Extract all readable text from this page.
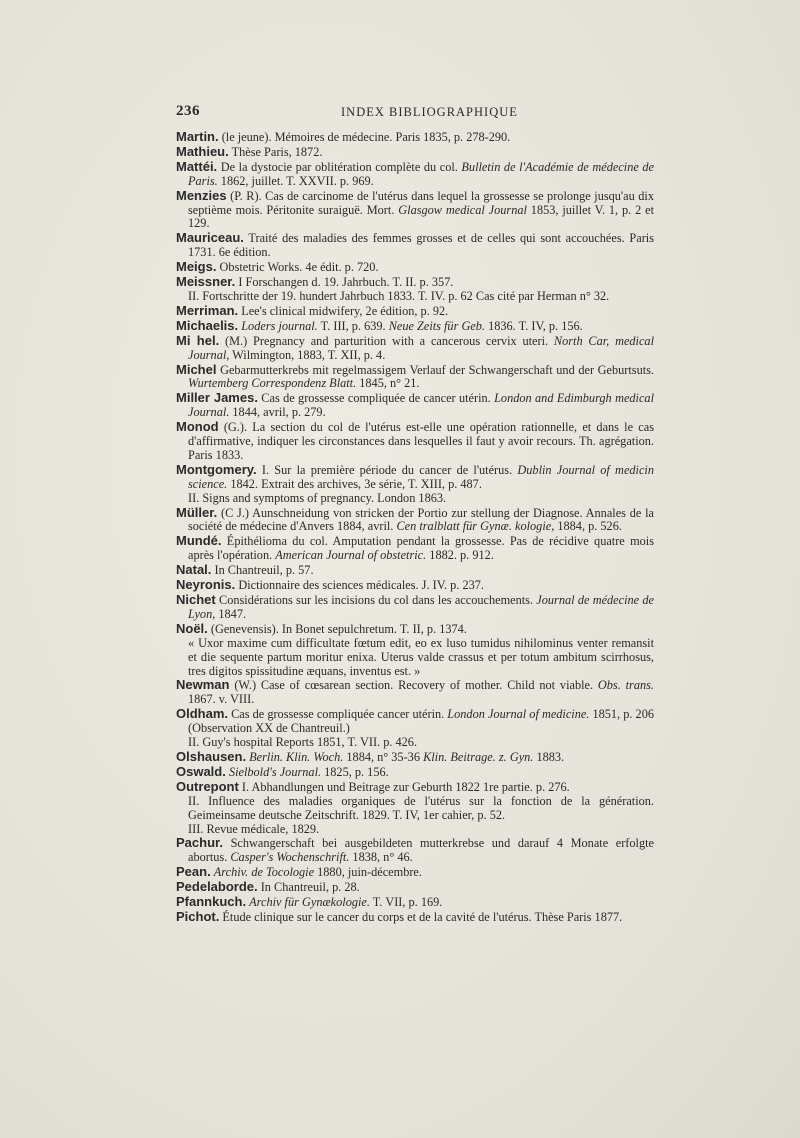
236	INDEX BIBLIOGRAPHIQUE

Martin. (le jeune). Mémoires de médecine. Paris 1835, p. 278-290.

Mathieu. Thèse Paris, 1872.

Mattéi. De la dystocie par oblitération complète du col. Bulletin de l'Académie de médecine de Paris. 1862, juillet. T. XXVII. p. 969.

Menzies (P. R). Cas de carcinome de l'utérus dans lequel la grossesse se prolonge jusqu'au dix septième mois. Péritonite suraiguë. Mort. Glasgow medical Journal 1853, juillet V. 1, p. 2 et 129.

Mauriceau. Traité des maladies des femmes grosses et de celles qui sont accouchées. Paris 1731. 6e édition.

Meigs. Obstetric Works. 4e édit. p. 720.

Meissner. I Forschangen d. 19. Jahrbuch. T. II. p. 357.

II. Fortschritte der 19. hundert Jahrbuch 1833. T. IV. p. 62 Cas cité par Herman n° 32.

Merriman. Lee's clinical midwifery, 2e édition, p. 92.

Michaelis. Loders journal. T. III, p. 639. Neue Zeits für Geb. 1836. T. IV, p. 156.

Mi hel. (M.) Pregnancy and parturition with a cancerous cervix uteri. North Car, medical Journal, Wilmington, 1883, T. XII, p. 4.

Michel Gebarmutterkrebs mit regelmassigem Verlauf der Schwangerschaft und der Geburtsuts. Wurtemberg Correspondenz Blatt. 1845, n° 21.

Miller James. Cas de grossesse compliquée de cancer utérin. London and Edimburgh medical Journal. 1844, avril, p. 279.

Monod (G.). La section du col de l'utérus est-elle une opération rationnelle, et dans le cas d'affirmative, indiquer les circonstances dans lesquelles il faut y avoir recours. Th. agrégation. Paris 1833.

Montgomery. I. Sur la première période du cancer de l'utérus. Dublin Journal of medicin science. 1842. Extrait des archives, 3e série, T. XIII, p. 487.

II. Signs and symptoms of pregnancy. London 1863.

Müller. (C J.) Aunschneidung von stricken der Portio zur stellung der Diagnose. Annales de la société de médecine d'Anvers 1884, avril. Cen tralblatt für Gynæ. kologie, 1884, p. 526.

Mundé. Épithélioma du col. Amputation pendant la grossesse. Pas de récidive quatre mois après l'opération. American Journal of obstetric. 1882. p. 912.

Natal. In Chantreuil, p. 57.

Neyronis. Dictionnaire des sciences médicales. J. IV. p. 237.

Nichet Considérations sur les incisions du col dans les accouchements. Journal de médecine de Lyon, 1847.

Noël. (Genevensis). In Bonet sepulchretum. T. II, p. 1374.

« Uxor maxime cum difficultate fœtum edit, eo ex luso tumidus nihilominus venter remansit et die sequente partum moritur enixa. Uterus valde crassus et per totum ambitum scirrhosus, tres digitos spissitudine æquans, inventus est. »

Newman (W.) Case of cœsarean section. Recovery of mother. Child not viable. Obs. trans. 1867. v. VIII.

Oldham. Cas de grossesse compliquée cancer utérin. London Journal of medicine. 1851, p. 206 (Observation XX de Chantreuil.)

II. Guy's hospital Reports 1851, T. VII. p. 426.

Olshausen. Berlin. Klin. Woch. 1884, n° 35-36 Klin. Beitrage. z. Gyn. 1883.

Oswald. Sielbold's Journal. 1825, p. 156.

Outrepont I. Abhandlungen und Beitrage zur Geburth 1822 1re partie. p. 276.

II. Influence des maladies organiques de l'utérus sur la fonction de la génération. Geimeinsame deutsche Zeitschrift. 1829. T. IV, 1er cahier, p. 52.

III. Revue médicale, 1829.

Pachur. Schwangerschaft bei ausgebildeten mutterkrebse und darauf 4 Monate erfolgte abortus. Casper's Wochenschrift. 1838, n° 46.

Pean. Archiv. de Tocologie 1880, juin-décembre.

Pedelaborde. In Chantreuil, p. 28.

Pfannkuch. Archiv für Gynækologie. T. VII, p. 169.

Pichot. Étude clinique sur le cancer du corps et de la cavité de l'utérus. Thèse Paris 1877.
